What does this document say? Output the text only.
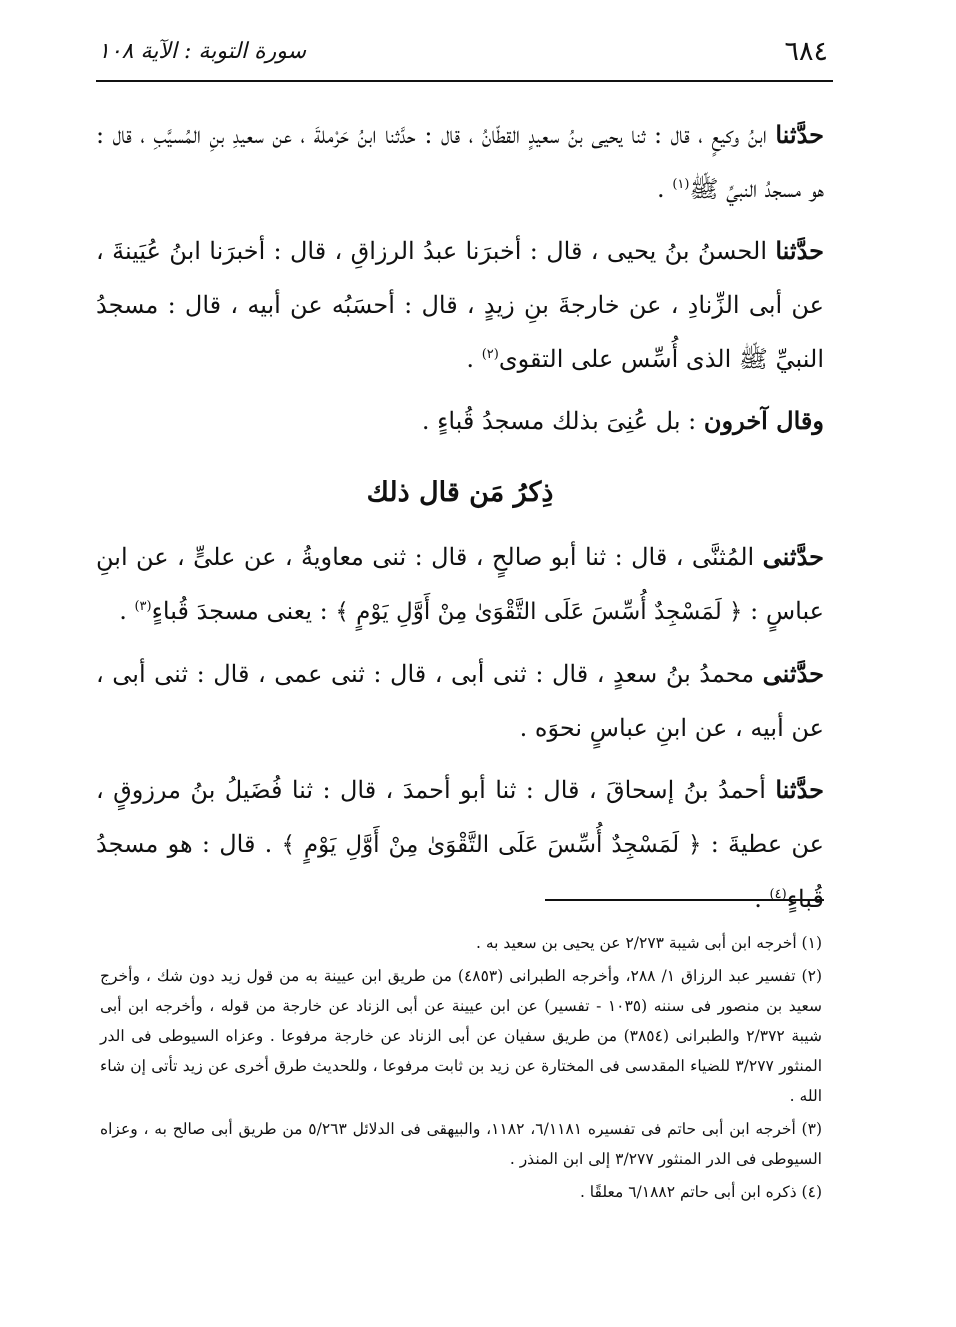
٦٨٤
سورة التوبة : الآية ١٠٨

حدَّثنا ابنُ وكيعٍ ، قال : ثنا يحيى بنُ سعيدٍ القطّانُ ، قال : حدَّثنا ابنُ حَرْملةَ ، عن سعيدِ بنِ المُسيَّبِ ، قال : هو مسجدُ النبيِّ ﷺ$^{(١)}$ .

حدَّثنا الحسنُ بنُ يحيى ، قال : أخبرَنا عبدُ الرزاقِ ، قال : أخبرَنا ابنُ عُيَينةَ ، عن أبى الزِّنادِ ، عن خارجةَ بنِ زيدٍ ، قال : أحسَبُه عن أبيه ، قال : مسجدُ النبيِّ ﷺ الذى أُسِّس على التقوى$^{(٢)}$ .

وقال آخرون : بل عُنِىَ بذلك مسجدُ قُباءٍ .

ذِكرُ مَن قال ذلك

حدَّثنى المُثنَّى ، قال : ثنا أبو صالحٍ ، قال : ثنى معاويةُ ، عن علىٍّ ، عن ابنِ عباسٍ : ﴿ لَمَسْجِدٌ أُسِّسَ عَلَى التَّقْوَىٰ مِنْ أَوَّلِ يَوْمٍ ﴾ : يعنى مسجدَ قُباءٍ$^{(٣)}$ .

حدَّثنى محمدُ بنُ سعدٍ ، قال : ثنى أبى ، قال : ثنى عمى ، قال : ثنى أبى ، عن أبيه ، عن ابنِ عباسٍ نحوَه .

حدَّثنا أحمدُ بنُ إسحاقَ ، قال : ثنا أبو أحمدَ ، قال : ثنا فُضَيلُ بنُ مرزوقٍ ، عن عطيةَ : ﴿ لَمَسْجِدٌ أُسِّسَ عَلَى التَّقْوَىٰ مِنْ أَوَّلِ يَوْمٍ ﴾ . قال : هو مسجدُ قُباءٍ$^{(٤)}$ .

(١) أخرجه ابن أبى شيبة ٢/٢٧٣ عن يحيى بن سعيد به .

(٢) تفسير عبد الرزاق ١/ ٢٨٨، وأخرجه الطبرانى (٤٨٥٣) من طريق ابن عيينة به من قول زيد دون شك ، وأخرج سعيد بن منصور فى سننه (١٠٣٥ - تفسير) عن ابن عيينة عن أبى الزناد عن خارجة من قوله ، وأخرجه ابن أبى شيبة ٢/٣٧٢ والطبرانى (٣٨٥٤) من طريق سفيان عن أبى الزناد عن خارجة مرفوعا . وعزاه السيوطى فى الدر المنثور ٣/٢٧٧ للضياء المقدسى فى المختارة عن زيد بن ثابت مرفوعا ، وللحديث طرق أخرى عن زيد تأتى إن شاء الله .

(٣) أخرجه ابن أبى حاتم فى تفسيره ٦/١١٨١، ١١٨٢، والبيهقى فى الدلائل ٥/٢٦٣ من طريق أبى صالح به ، وعزاه السيوطى فى الدر المنثور ٣/٢٧٧ إلى ابن المنذر .

(٤) ذكره ابن أبى حاتم ٦/١٨٨٢ معلقًا .
